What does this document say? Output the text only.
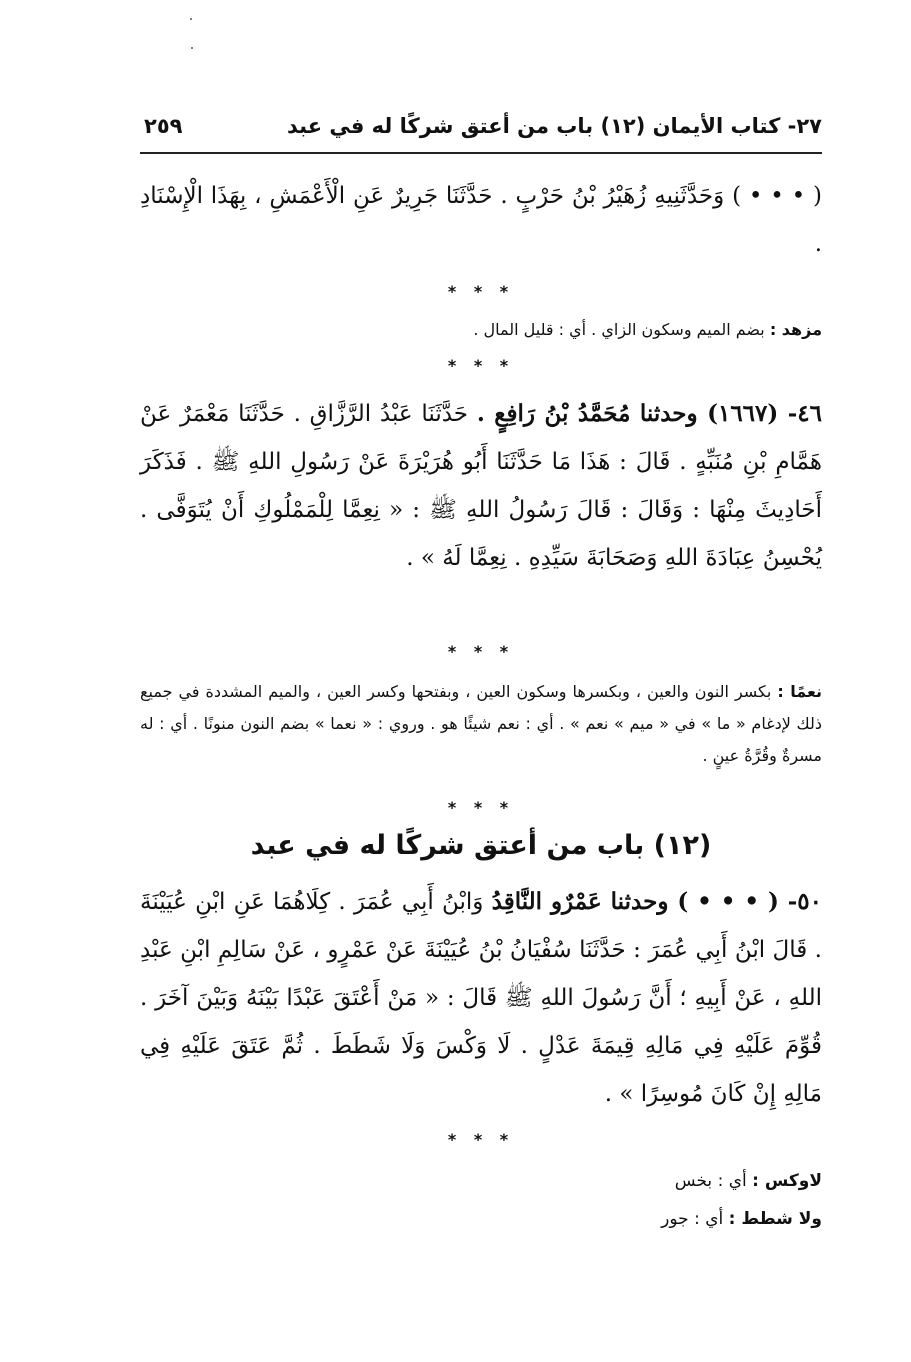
٢٧- كتاب الأيمان (١٢) باب من أعتق شركًا له في عبد
٢٥٩
( • • • ) وَحَدَّثَنِيهِ زُهَيْرُ بْنُ حَرْبٍ . حَدَّثَنَا جَرِيرٌ عَنِ الْأَعْمَشِ ، بِهَذَا الْإِسْنَادِ .
* * *
مزهد : بضم الميم وسكون الزاي . أي : قليل المال .
* * *
٤٦- (١٦٦٧) وحدثنا مُحَمَّدُ بْنُ رَافِعٍ . حَدَّثَنَا عَبْدُ الرَّزَّاقِ . حَدَّثَنَا مَعْمَرٌ عَنْ هَمَّامِ بْنِ مُنَبِّهٍ . قَالَ : هَذَا مَا حَدَّثَنَا أَبُو هُرَيْرَةَ عَنْ رَسُولِ اللهِ ﷺ . فَذَكَرَ أَحَادِيثَ مِنْهَا : وَقَالَ : قَالَ رَسُولُ اللهِ ﷺ : « نِعِمَّا لِلْمَمْلُوكِ أَنْ يُتَوَفَّى . يُحْسِنُ عِبَادَةَ اللهِ وَصَحَابَةَ سَيِّدِهِ . نِعِمَّا لَهُ » .
* * *
نعمًا : بكسر النون والعين ، وبكسرها وسكون العين ، وبفتحها وكسر العين ، والميم المشددة في جميع ذلك لإدغام « ما » في « ميم » نعم » . أي : نعم شيئًا هو . وروي : « نعما » بضم النون منونًا . أي : له مسرةٌ وقُرَّةُ عينٍ .
* * *
(١٢) باب من أعتق شركًا له في عبد
٥٠- ( • • • ) وحدثنا عَمْرٌو النَّاقِدُ وَابْنُ أَبِي عُمَرَ . كِلَاهُمَا عَنِ ابْنِ عُيَيْنَةَ . قَالَ ابْنُ أَبِي عُمَرَ : حَدَّثَنَا سُفْيَانُ بْنُ عُيَيْنَةَ عَنْ عَمْرٍو ، عَنْ سَالِمِ ابْنِ عَبْدِ اللهِ ، عَنْ أَبِيهِ ؛ أَنَّ رَسُولَ اللهِ ﷺ قَالَ : « مَنْ أَعْتَقَ عَبْدًا بَيْنَهُ وَبَيْنَ آخَرَ . قُوِّمَ عَلَيْهِ فِي مَالِهِ قِيمَةَ عَدْلٍ . لَا وَكْسَ وَلَا شَطَطَ . ثُمَّ عَتَقَ عَلَيْهِ فِي مَالِهِ إِنْ كَانَ مُوسِرًا » .
* * *
لاوكس : أي : بخس
ولا شطط : أي : جور
